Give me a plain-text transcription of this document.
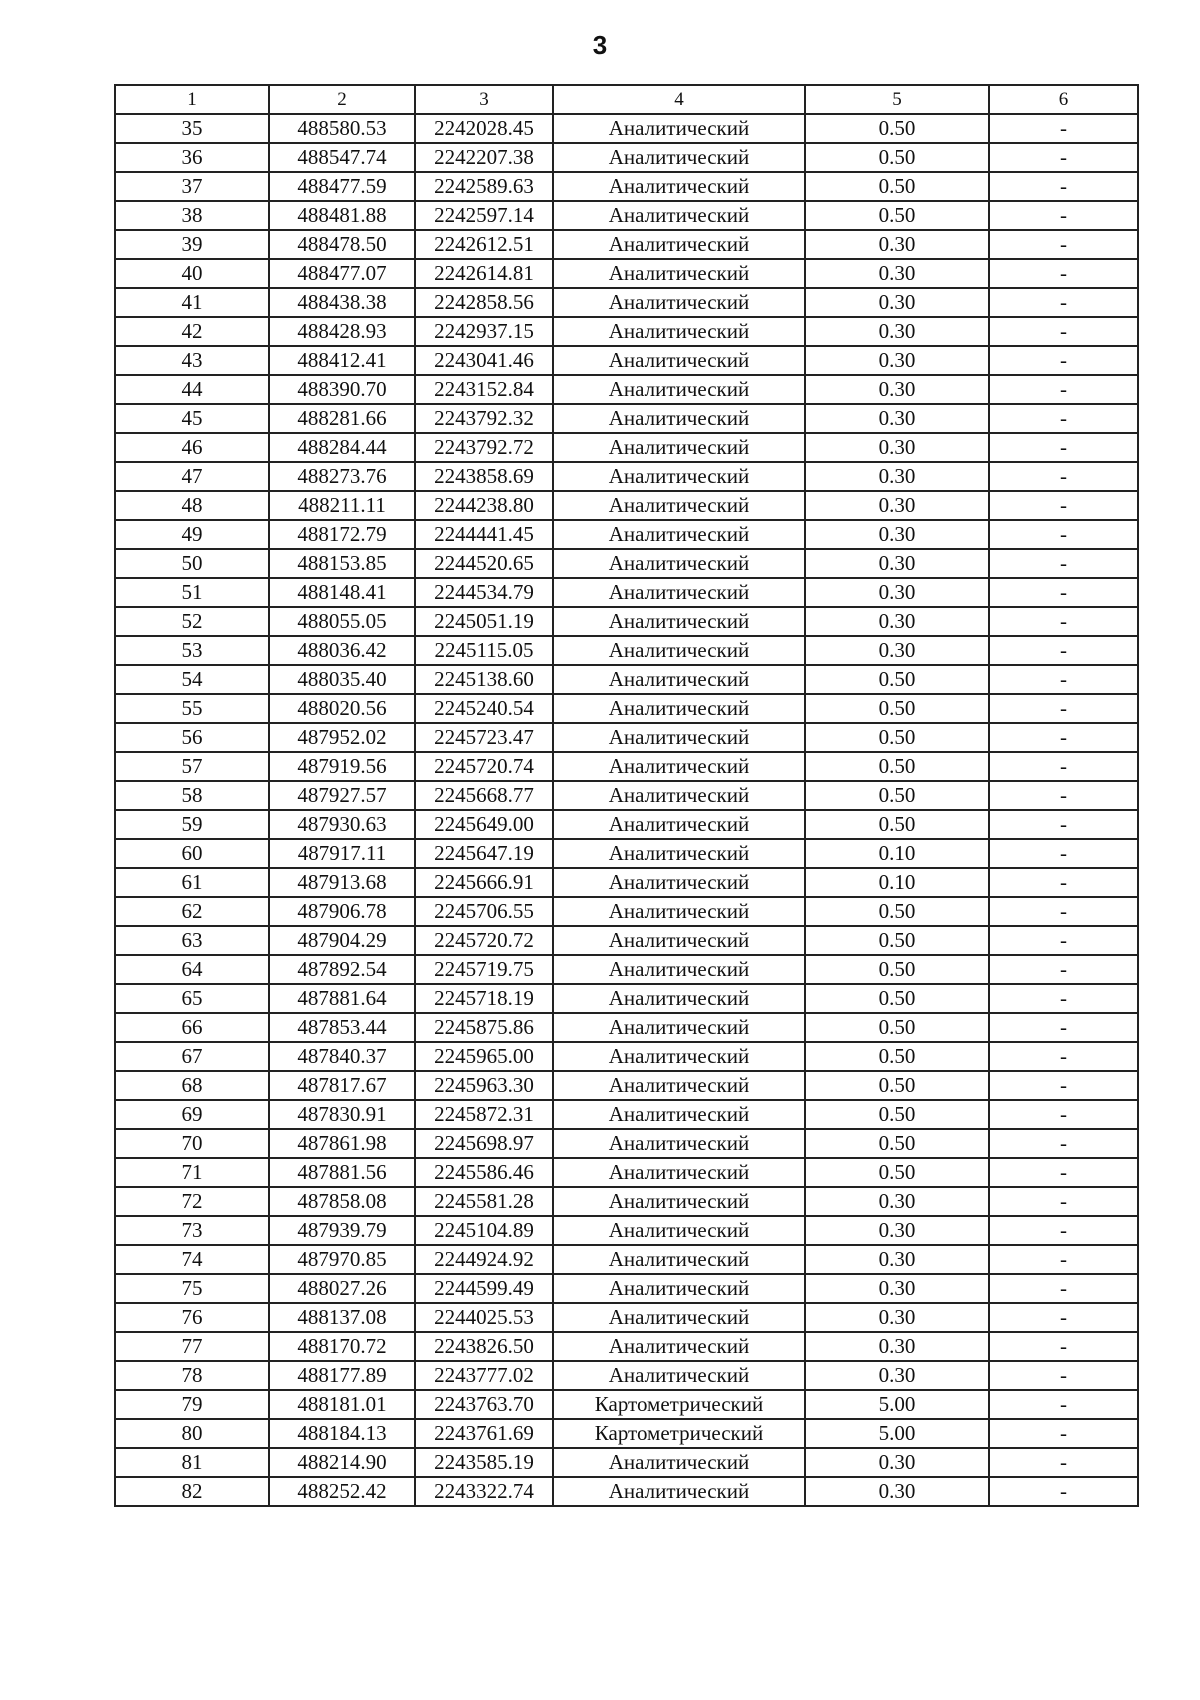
3
1	2	3	4	5	6
35	488580.53	2242028.45	Аналитический	0.50	-
36	488547.74	2242207.38	Аналитический	0.50	-
37	488477.59	2242589.63	Аналитический	0.50	-
38	488481.88	2242597.14	Аналитический	0.50	-
39	488478.50	2242612.51	Аналитический	0.30	-
40	488477.07	2242614.81	Аналитический	0.30	-
41	488438.38	2242858.56	Аналитический	0.30	-
42	488428.93	2242937.15	Аналитический	0.30	-
43	488412.41	2243041.46	Аналитический	0.30	-
44	488390.70	2243152.84	Аналитический	0.30	-
45	488281.66	2243792.32	Аналитический	0.30	-
46	488284.44	2243792.72	Аналитический	0.30	-
47	488273.76	2243858.69	Аналитический	0.30	-
48	488211.11	2244238.80	Аналитический	0.30	-
49	488172.79	2244441.45	Аналитический	0.30	-
50	488153.85	2244520.65	Аналитический	0.30	-
51	488148.41	2244534.79	Аналитический	0.30	-
52	488055.05	2245051.19	Аналитический	0.30	-
53	488036.42	2245115.05	Аналитический	0.30	-
54	488035.40	2245138.60	Аналитический	0.50	-
55	488020.56	2245240.54	Аналитический	0.50	-
56	487952.02	2245723.47	Аналитический	0.50	-
57	487919.56	2245720.74	Аналитический	0.50	-
58	487927.57	2245668.77	Аналитический	0.50	-
59	487930.63	2245649.00	Аналитический	0.50	-
60	487917.11	2245647.19	Аналитический	0.10	-
61	487913.68	2245666.91	Аналитический	0.10	-
62	487906.78	2245706.55	Аналитический	0.50	-
63	487904.29	2245720.72	Аналитический	0.50	-
64	487892.54	2245719.75	Аналитический	0.50	-
65	487881.64	2245718.19	Аналитический	0.50	-
66	487853.44	2245875.86	Аналитический	0.50	-
67	487840.37	2245965.00	Аналитический	0.50	-
68	487817.67	2245963.30	Аналитический	0.50	-
69	487830.91	2245872.31	Аналитический	0.50	-
70	487861.98	2245698.97	Аналитический	0.50	-
71	487881.56	2245586.46	Аналитический	0.50	-
72	487858.08	2245581.28	Аналитический	0.30	-
73	487939.79	2245104.89	Аналитический	0.30	-
74	487970.85	2244924.92	Аналитический	0.30	-
75	488027.26	2244599.49	Аналитический	0.30	-
76	488137.08	2244025.53	Аналитический	0.30	-
77	488170.72	2243826.50	Аналитический	0.30	-
78	488177.89	2243777.02	Аналитический	0.30	-
79	488181.01	2243763.70	Картометрический	5.00	-
80	488184.13	2243761.69	Картометрический	5.00	-
81	488214.90	2243585.19	Аналитический	0.30	-
82	488252.42	2243322.74	Аналитический	0.30	-
